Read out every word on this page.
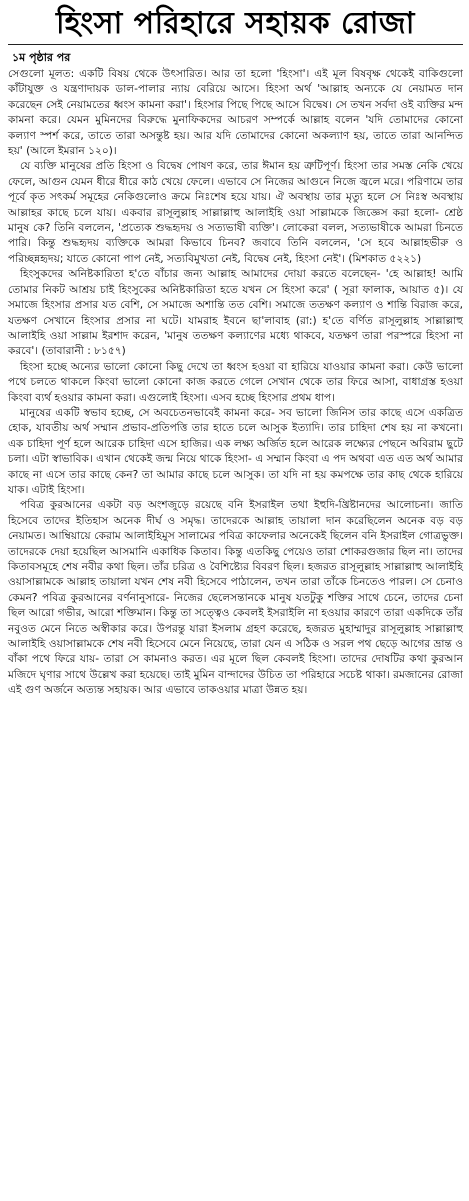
হিংসা পরিহারে সহায়ক রোজা
১ম পৃষ্ঠার পর

সেগুলো মূলত: একটি বিষয় থেকে উৎসারিত। আর তা হলো 'হিংসা'। এই মূল বিষবৃক্ষ থেকেই বাকিগুলো কাঁটাযুক্ত ও যন্ত্রণাদায়ক ডাল-পালার ন্যায় বেরিয়ে আসে। হিংসা অর্থ 'আল্লাহ অন্যকে যে নেয়ামত দান করেছেন সেই নেয়ামতের ধ্বংস কামনা করা'। হিংসার পিছে পিছে আসে বিদ্বেষ। সে তখন সর্বদা ওই ব্যক্তির মন্দ কামনা করে। যেমন মুমিনদের বিরুদ্ধে মুনাফিকদের আচরণ সম্পর্কে আল্লাহ বলেন 'যদি তোমাদের কোনো কল্যাণ স্পর্শ করে, তাতে তারা অসন্তুষ্ট হয়। আর যদি তোমাদের কোনো অকল্যাণ হয়, তাতে তারা আনন্দিত হয়' (আলে ইমরান ১২০)।

যে ব্যক্তি মানুষের প্রতি হিংসা ও বিদ্বেষ পোষণ করে, তার ঈমান হয় ত্রুটিপূর্ণ। হিংসা তার সমস্ত নেকি খেয়ে ফেলে, আগুন যেমন ধীরে ধীরে কাঠ খেয়ে ফেলে। এভাবে সে নিজের আগুনে নিজে জ্বলে মরে। পরিণামে তার পূর্বে কৃত সৎকর্ম সমূহের নেকিগুলোও ক্রমে নিঃশেষ হয়ে যায়। ঐ অবস্থায় তার মৃত্যু হলে সে নিঃস্ব অবস্থায় আল্লাহর কাছে চলে যায়। একবার রাসূলুল্লাহ সাল্লাল্লাহু আলাইহি ওয়া সাল্লামকে জিজ্ঞেস করা হলো- শ্রেষ্ঠ মানুষ কে? তিনি বললেন, 'প্রত্যেক শুদ্ধহৃদয় ও সত্যভাষী ব্যক্তি'। লোকেরা বলল, সত্যভাষীকে আমরা চিনতে পারি। কিন্তু শুদ্ধহৃদয় ব্যক্তিকে আমরা কিভাবে চিনব? জবাবে তিনি বললেন, 'সে হবে আল্লাহভীরু ও পরিচ্ছন্নহৃদয়; যাতে কোনো পাপ নেই, সত্যবিমুখতা নেই, বিদ্বেষ নেই, হিংসা নেই'। (মিশকাত ৫২২১)

হিংসুকদের অনিষ্টকারিতা হ'তে বাঁচার জন্য আল্লাহ আমাদের দোয়া করতে বলেছেন- 'হে আল্লাহ! আমি তোমার নিকট আশ্রয় চাই হিংসুকের অনিষ্টকারিতা হতে যখন সে হিংসা করে' ( সূরা ফালাক, আয়াত ৫)। যে সমাজে হিংসার প্রসার যত বেশি, সে সমাজে অশান্তি তত বেশি। সমাজে ততক্ষণ কল্যাণ ও শান্তি বিরাজ করে, যতক্ষণ সেখানে হিংসার প্রসার না ঘটে। যামরাহ ইবনে ছা'লাবাহ (রা:) হ'তে বর্ণিত রাসূলুল্লাহ সাল্লাল্লাহু আলাইহি ওয়া সাল্লাম ইরশাদ করেন, 'মানুষ ততক্ষণ কল্যাণের মধ্যে থাকবে, যতক্ষণ তারা পরস্পরে হিংসা না করবে'। (তাবারানী : ৮১৫৭)

হিংসা হচ্ছে অন্যের ভালো কোনো কিছু দেখে তা ধ্বংস হওয়া বা হারিয়ে যাওয়ার কামনা করা। কেউ ভালো পথে চলতে থাকলে কিংবা ভালো কোনো কাজ করতে গেলে সেখান থেকে তার ফিরে আসা, বাধাগ্রস্ত হওয়া কিংবা ব্যর্থ হওয়ার কামনা করা। এগুলোই হিংসা। এসব হচ্ছে হিংসার প্রথম ধাপ।

মানুষের একটি স্বভাব হচ্ছে, সে অবচেতনভাবেই কামনা করে- সব ভালো জিনিস তার কাছে এসে একত্রিত হোক, যাবতীয় অর্থ সম্মান প্রভাব-প্রতিপত্তি তার হাতে চলে আসুক ইত্যাদি। তার চাহিদা শেষ হয় না কখনো। এক চাহিদা পূর্ণ হলে আরেক চাহিদা এসে হাজির। এক লক্ষ্য অর্জিত হলে আরেক লক্ষ্যের পেছনে অবিরাম ছুটে চলা। এটা স্বাভাবিক। এখান থেকেই জন্ম নিয়ে থাকে হিংসা- এ সম্মান কিংবা এ পদ অথবা এত এত অর্থ আমার কাছে না এসে তার কাছে কেন? তা আমার কাছে চলে আসুক। তা যদি না হয় কমপক্ষে তার কাছ থেকে হারিয়ে যাক। এটাই হিংসা।

পবিত্র কুরআনের একটা বড় অংশজুড়ে রয়েছে বনি ইসরাইল তথা ইহুদি-খ্রিষ্টানদের আলোচনা। জাতি হিসেবে তাদের ইতিহাস অনেক দীর্ঘ ও সমৃদ্ধ। তাদেরকে আল্লাহ তায়ালা দান করেছিলেন অনেক বড় বড় নেয়ামত। আম্বিয়ায়ে কেরাম আলাইহিমুস সালামের পবিত্র কাফেলার অনেকেই ছিলেন বনি ইসরাইল গোত্রভুক্ত। তাদেরকে দেয়া হয়েছিল আসমানি একাধিক কিতাব। কিন্তু এতকিছু পেয়েও তারা শোকরগুজার ছিল না। তাদের কিতাবসমূহে শেষ নবীর কথা ছিল। তাঁর চরিত্র ও বৈশিষ্ট্যের বিবরণ ছিল। হজরত রাসূলুল্লাহ সাল্লাল্লাহু আলাইহি ওয়াসাল্লামকে আল্লাহ তায়ালা যখন শেষ নবী হিসেবে পাঠালেন, তখন তারা তাঁকে চিনতেও পারল। সে চেনাও কেমন? পবিত্র কুরআনের বর্ণনানুসারে- নিজের ছেলেসন্তানকে মানুষ যতটুকু শক্তির সাথে চেনে, তাদের চেনা ছিল আরো গভীর, আরো শক্তিমান। কিন্তু তা সত্ত্বেও কেবলই ইসরাইলি না হওয়ার কারণে তারা একদিকে তাঁর নবুওত মেনে নিতে অস্বীকার করে। উপরন্তু যারা ইসলাম গ্রহণ করেছে, হজরত মুহাম্মাদুর রাসূলুল্লাহ সাল্লাল্লাহু আলাইহি ওয়াসাল্লামকে শেষ নবী হিসেবে মেনে নিয়েছে, তারা যেন এ সঠিক ও সরল পথ ছেড়ে আগের ভ্রান্ত ও বাঁকা পথে ফিরে যায়- তারা সে কামনাও করত। এর মূলে ছিল কেবলই হিংসা। তাদের দোষটির কথা কুরআন মজিদে ঘৃণার সাথে উল্লেখ করা হয়েছে। তাই মুমিন বান্দাদের উচিত তা পরিহারে সচেষ্ট থাকা। রমজানের রোজা এই গুণ অর্জনে অত্যন্ত সহায়ক। আর এভাবে তাকওয়ার মাত্রা উন্নত হয়।
